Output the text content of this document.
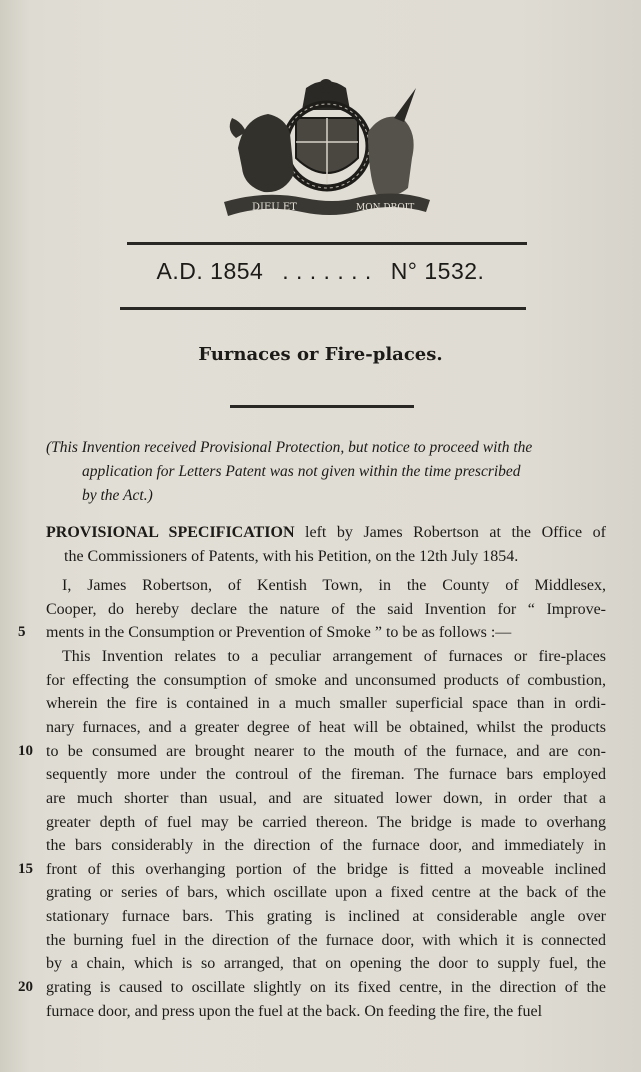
DIEU ET	MON DROIT
A.D. 1854 . . . . . . . N° 1532.
Furnaces or Fire-places.
(This Invention received Provisional Protection, but notice to proceed with the
application for Letters Patent was not given within the time prescribed
by the Act.)
PROVISIONAL SPECIFICATION left by James Robertson at the Office of
the Commissioners of Patents, with his Petition, on the 12th July 1854.
I, James Robertson, of Kentish Town, in the County of Middlesex,
Cooper, do hereby declare the nature of the said Invention for “ Improve-
ments in the Consumption or Prevention of Smoke ” to be as follows :—
5
This Invention relates to a peculiar arrangement of furnaces or fire-places
for effecting the consumption of smoke and unconsumed products of combustion,
wherein the fire is contained in a much smaller superficial space than in ordi-
nary furnaces, and a greater degree of heat will be obtained, whilst the products
to be consumed are brought nearer to the mouth of the furnace, and are con-
10
sequently more under the controul of the fireman. The furnace bars employed
are much shorter than usual, and are situated lower down, in order that a
greater depth of fuel may be carried thereon. The bridge is made to overhang
the bars considerably in the direction of the furnace door, and immediately in
front of this overhanging portion of the bridge is fitted a moveable inclined
15
grating or series of bars, which oscillate upon a fixed centre at the back of the
stationary furnace bars. This grating is inclined at considerable angle over
the burning fuel in the direction of the furnace door, with which it is connected
by a chain, which is so arranged, that on opening the door to supply fuel, the
grating is caused to oscillate slightly on its fixed centre, in the direction of the
20
furnace door, and press upon the fuel at the back. On feeding the fire, the fuel
